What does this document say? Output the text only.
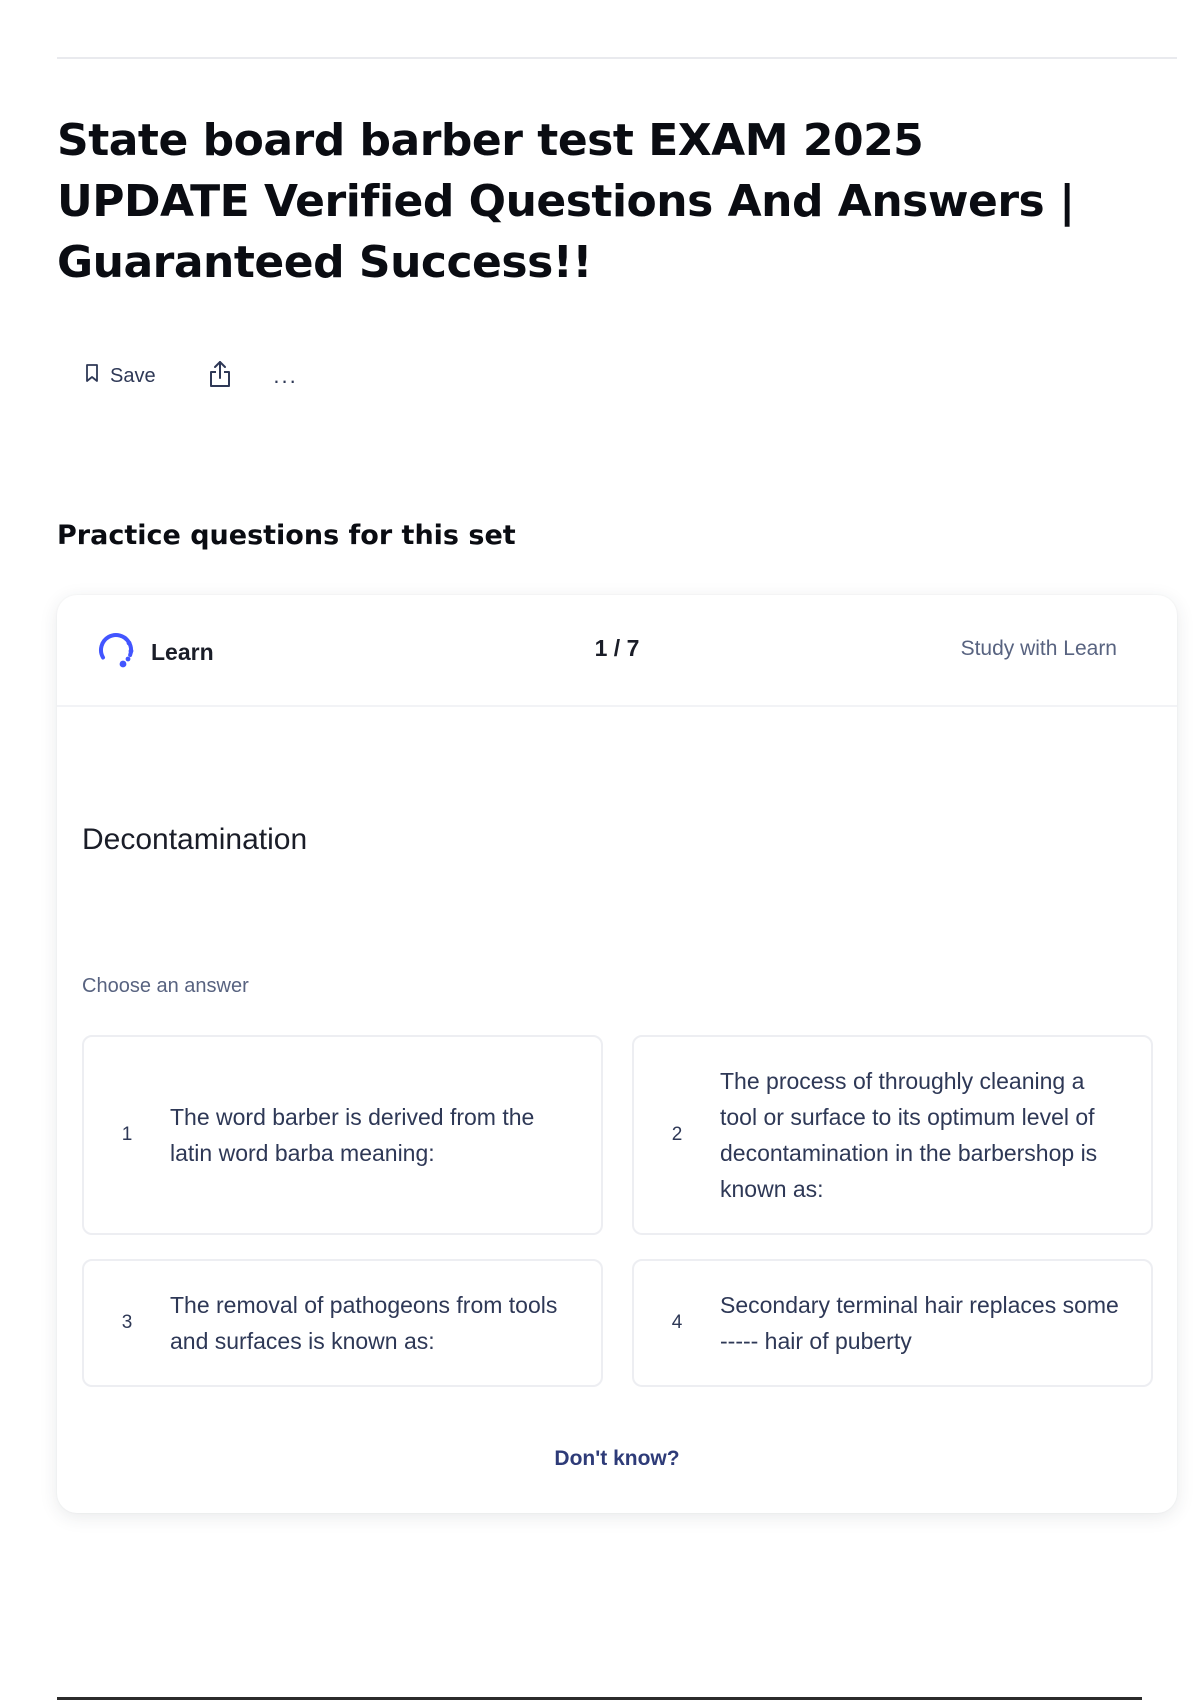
State board barber test EXAM 2025 UPDATE Verified Questions And Answers | Guaranteed Success!!
Save	...
Practice questions for this set
Learn	1 / 7	Study with Learn
Decontamination
Choose an answer
1
The word barber is derived from the latin word barba meaning:
2
The process of throughly cleaning a tool or surface to its optimum level of decontamination in the barbershop is known as:
3
The removal of pathogeons from tools and surfaces is known as:
4
Secondary terminal hair replaces some ----- hair of puberty
Don't know?
